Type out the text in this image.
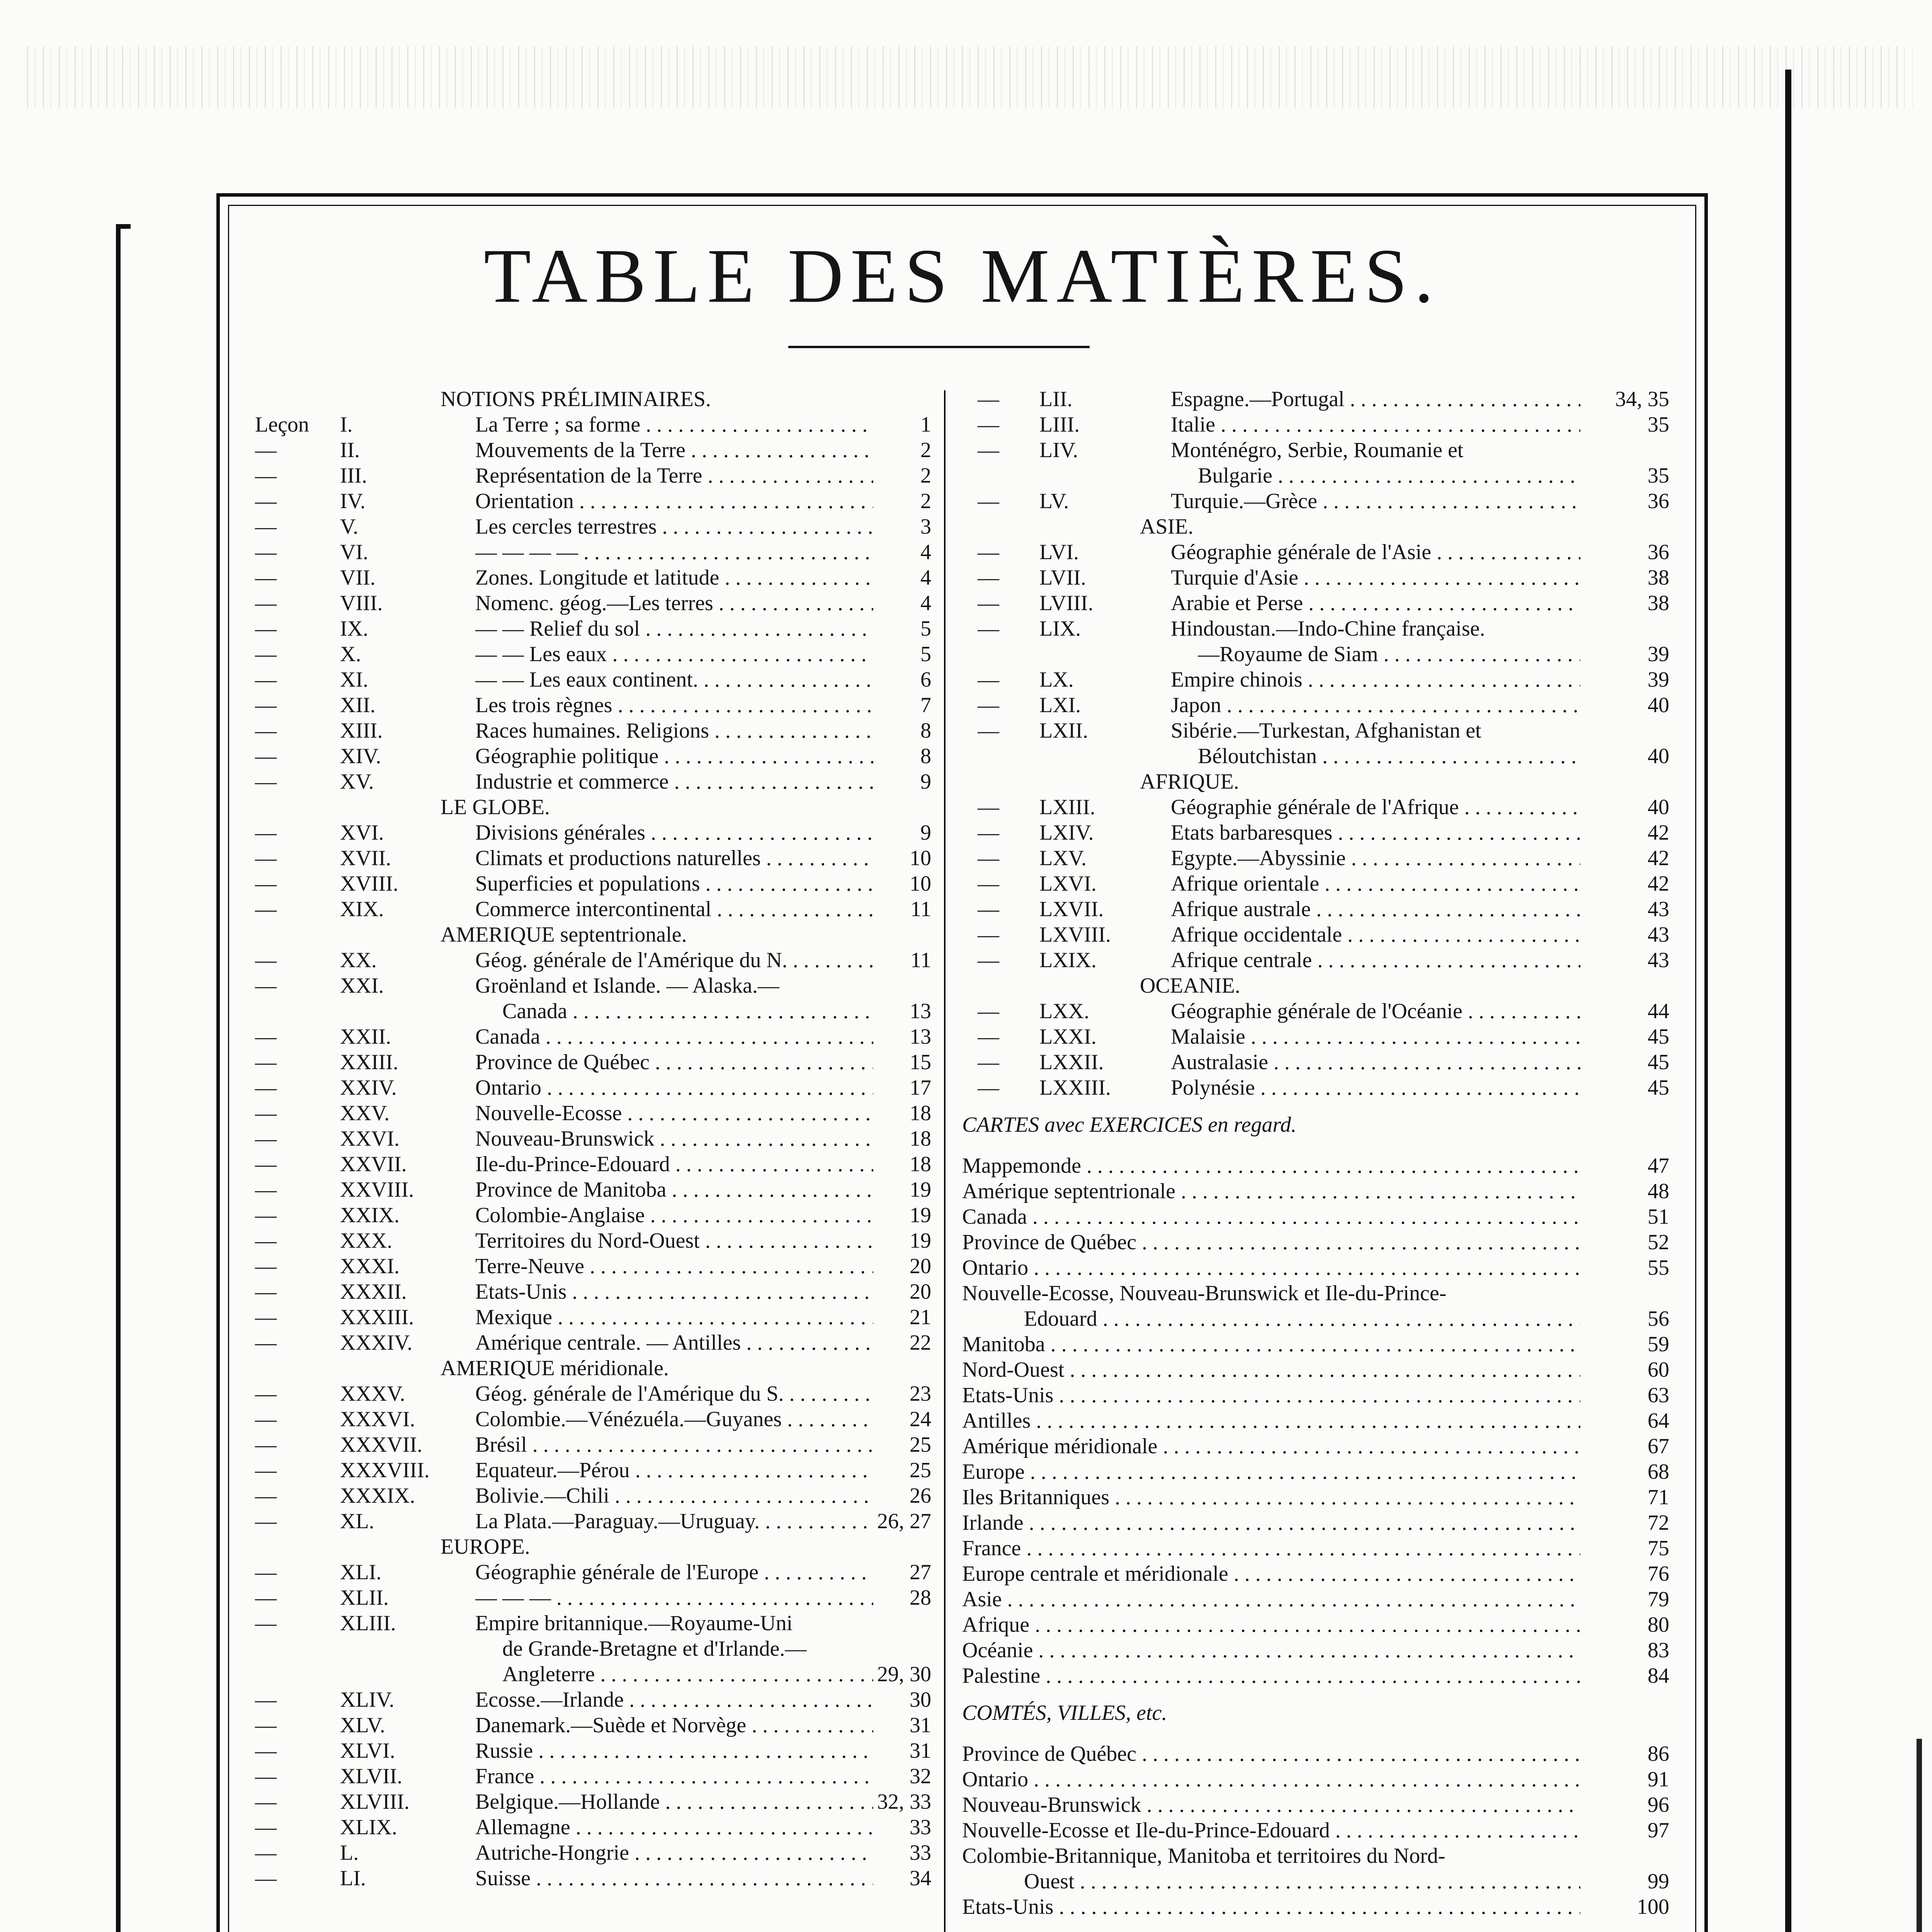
TABLE DES MATIÈRES.
NOTIONS PRÉLIMINAIRES.
Leçon I.	La Terre ; sa forme . . .	1
—	II.	Mouvements de la Terre . . .	2
—	III.	Représentation de la Terre . . .	2
—	IV.	Orientation . . .	2
—	V.	Les cercles terrestres . . .	3
—	VI.	— — — — . . .	4
—	VII.	Zones. Longitude et latitude . . .	4
—	VIII.	Nomenc. géog.—Les terres . . .	4
—	IX.	— — Relief du sol . . .	5
—	X.	— — Les eaux . . .	5
—	XI.	— — Les eaux continent. . . .	6
—	XII.	Les trois règnes . . .	7
—	XIII.	Races humaines. Religions . . .	8
—	XIV.	Géographie politique . . .	8
—	XV.	Industrie et commerce . . .	9
LE GLOBE.
—	XVI.	Divisions générales . . .	9
—	XVII.	Climats et productions naturelles . . .	10
—	XVIII.	Superficies et populations . . .	10
—	XIX.	Commerce intercontinental . . .	11
AMERIQUE septentrionale.
—	XX.	Géog. générale de l'Amérique du N. . . .	11
—	XXI.	Groënland et Islande. — Alaska.—
Canada . . .	13
—	XXII.	Canada . . .	13
—	XXIII.	Province de Québec . . .	15
—	XXIV.	Ontario . . .	17
—	XXV.	Nouvelle-Ecosse . . .	18
—	XXVI.	Nouveau-Brunswick . . .	18
—	XXVII.	Ile-du-Prince-Edouard . . .	18
—	XXVIII.	Province de Manitoba . . .	19
—	XXIX.	Colombie-Anglaise . . .	19
—	XXX.	Territoires du Nord-Ouest . . .	19
—	XXXI.	Terre-Neuve . . .	20
—	XXXII.	Etats-Unis . . .	20
—	XXXIII.	Mexique . . .	21
—	XXXIV.	Amérique centrale. — Antilles . . .	22
AMERIQUE méridionale.
—	XXXV.	Géog. générale de l'Amérique du S. . . .	23
—	XXXVI.	Colombie.—Vénézuéla.—Guyanes . . .	24
—	XXXVII. Brésil . . .	25
—	XXXVIII. Equateur.—Pérou . . .	25
—	XXXIX.	Bolivie.—Chili . . .	26
—	XL.	La Plata.—Paraguay.—Uruguay. . . .	26, 27
EUROPE.
—	XLI.	Géographie générale de l'Europe . . .	27
—	XLII.	— — — . . .	28
—	XLIII.	Empire britannique.—Royaume-Uni
de Grande-Bretagne et d'Irlande.—
Angleterre . . .	29, 30
—	XLIV.	Ecosse.—Irlande . . .	30
—	XLV.	Danemark.—Suède et Norvège . . .	31
—	XLVI.	Russie . . .	31
—	XLVII.	France . . .	32
—	XLVIII.	Belgique.—Hollande . . .	32, 33
—	XLIX.	Allemagne . . .	33
—	L.	Autriche-Hongrie . . .	33
—	LI.	Suisse . . .	34
— LII.	Espagne.—Portugal . . .	34, 35
— LIII.	Italie . . .	35
— LIV.	Monténégro, Serbie, Roumanie et
Bulgarie . . .	35
— LV.	Turquie.—Grèce . . .	36
ASIE.
— LVI.	Géographie générale de l'Asie . . .	36
— LVII.	Turquie d'Asie . . .	38
— LVIII.	Arabie et Perse . . .	38
— LIX.	Hindoustan.—Indo-Chine française.
—Royaume de Siam . . .	39
— LX.	Empire chinois . . .	39
— LXI.	Japon . . .	40
— LXII.	Sibérie.—Turkestan, Afghanistan et
Béloutchistan . . .	40
AFRIQUE.
— LXIII.	Géographie générale de l'Afrique . . .	40
— LXIV.	Etats barbaresques . . .	42
— LXV.	Egypte.—Abyssinie . . .	42
— LXVI.	Afrique orientale . . .	42
— LXVII.	Afrique australe . . .	43
— LXVIII.	Afrique occidentale . . .	43
— LXIX.	Afrique centrale . . .	43
OCEANIE.
— LXX.	Géographie générale de l'Océanie . . .	44
— LXXI.	Malaisie . . .	45
— LXXII.	Australasie . . .	45
— LXXIII.	Polynésie . . .	45
CARTES avec EXERCICES en regard.
Mappemonde . . .	47
Amérique septentrionale . . .	48
Canada . . .	51
Province de Québec . . .	52
Ontario . . .	55
Nouvelle-Ecosse, Nouveau-Brunswick et Ile-du-Prince-
Edouard . . .	56
Manitoba . . .	59
Nord-Ouest . . .	60
Etats-Unis . . .	63
Antilles . . .	64
Amérique méridionale . . .	67
Europe . . .	68
Iles Britanniques . . .	71
Irlande . . .	72
France . . .	75
Europe centrale et méridionale . . .	76
Asie . . .	79
Afrique . . .	80
Océanie . . .	83
Palestine . . .	84
COMTÉS, VILLES, etc.
Province de Québec . . .	86
Ontario . . .	91
Nouveau-Brunswick . . .	96
Nouvelle-Ecosse et Ile-du-Prince-Edouard . . .	97
Colombie-Britannique, Manitoba et territoires du Nord-
Ouest . . .	99
Etats-Unis . . .	100
